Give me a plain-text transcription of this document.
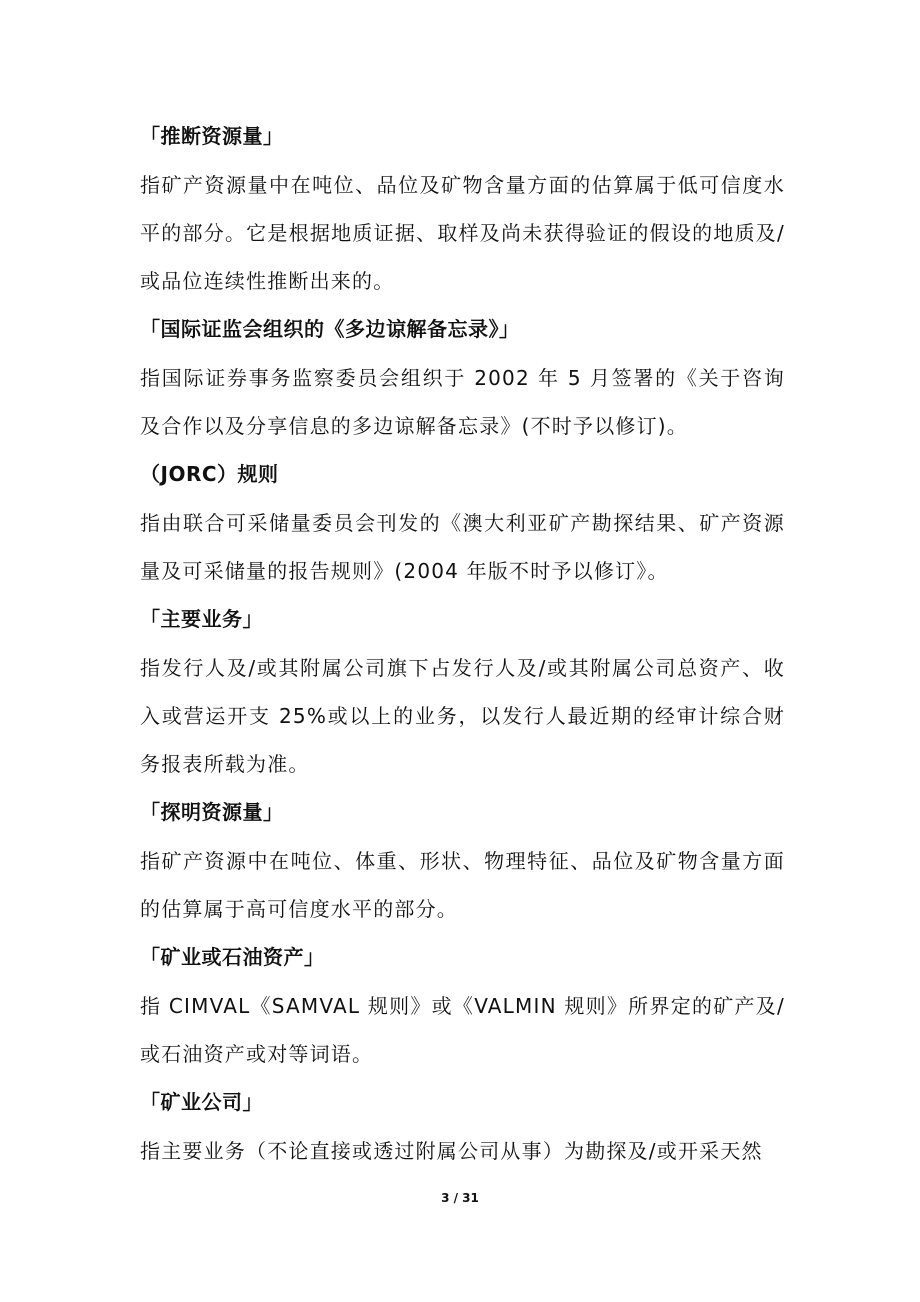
「推断资源量」

指矿产资源量中在吨位、品位及矿物含量方面的估算属于低可信度水平的部分。它是根据地质证据、取样及尚未获得验证的假设的地质及/或品位连续性推断出来的。

「国际证监会组织的《多边谅解备忘录》」

指国际证券事务监察委员会组织于 2002 年 5 月签署的《关于咨询及合作以及分享信息的多边谅解备忘录》(不时予以修订)。

（JORC）规则

指由联合可采储量委员会刊发的《澳大利亚矿产勘探结果、矿产资源量及可采储量的报告规则》(2004 年版不时予以修订》。

「主要业务」

指发行人及/或其附属公司旗下占发行人及/或其附属公司总资产、收入或营运开支 25%或以上的业务，以发行人最近期的经审计综合财务报表所载为准。

「探明资源量」

指矿产资源中在吨位、体重、形状、物理特征、品位及矿物含量方面的估算属于高可信度水平的部分。

「矿业或石油资产」

指 CIMVAL《SAMVAL 规则》或《VALMIN 规则》所界定的矿产及/或石油资产或对等词语。

「矿业公司」

指主要业务（不论直接或透过附属公司从事）为勘探及/或开采天然

3 / 31
